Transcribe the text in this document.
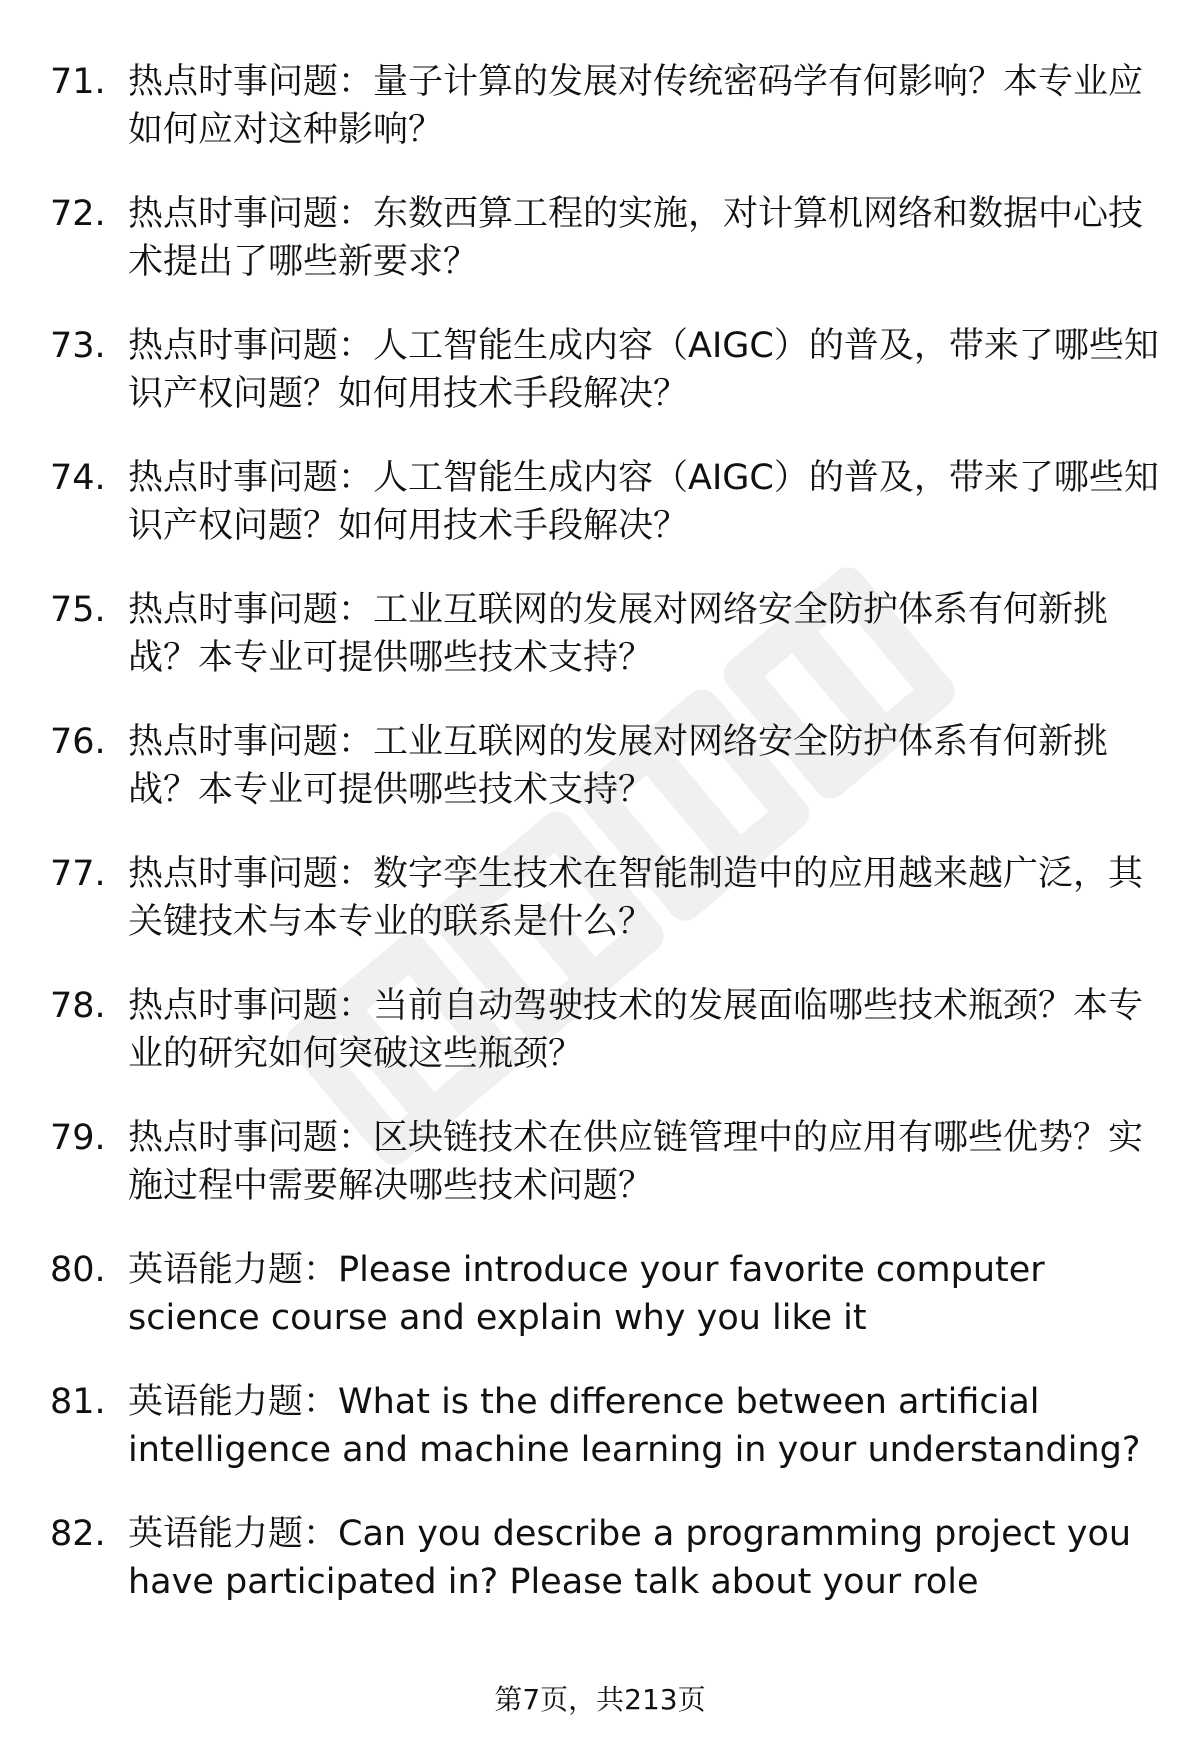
71. 热点时事问题：量子计算的发展对传统密码学有何影响？本专业应如何应对这种影响？
72. 热点时事问题：东数西算工程的实施，对计算机网络和数据中心技术提出了哪些新要求？
73. 热点时事问题：人工智能生成内容（AIGC）的普及，带来了哪些知识产权问题？如何用技术手段解决？
74. 热点时事问题：人工智能生成内容（AIGC）的普及，带来了哪些知识产权问题？如何用技术手段解决？
75. 热点时事问题：工业互联网的发展对网络安全防护体系有何新挑战？本专业可提供哪些技术支持？
76. 热点时事问题：工业互联网的发展对网络安全防护体系有何新挑战？本专业可提供哪些技术支持？
77. 热点时事问题：数字孪生技术在智能制造中的应用越来越广泛，其关键技术与本专业的联系是什么？
78. 热点时事问题：当前自动驾驶技术的发展面临哪些技术瓶颈？本专业的研究如何突破这些瓶颈？
79. 热点时事问题：区块链技术在供应链管理中的应用有哪些优势？实施过程中需要解决哪些技术问题？
80. 英语能力题：Please introduce your favorite computer science course and explain why you like it
81. 英语能力题：What is the difference between artificial intelligence and machine learning in your understanding?
82. 英语能力题：Can you describe a programming project you have participated in? Please talk about your role
第7页，共213页
